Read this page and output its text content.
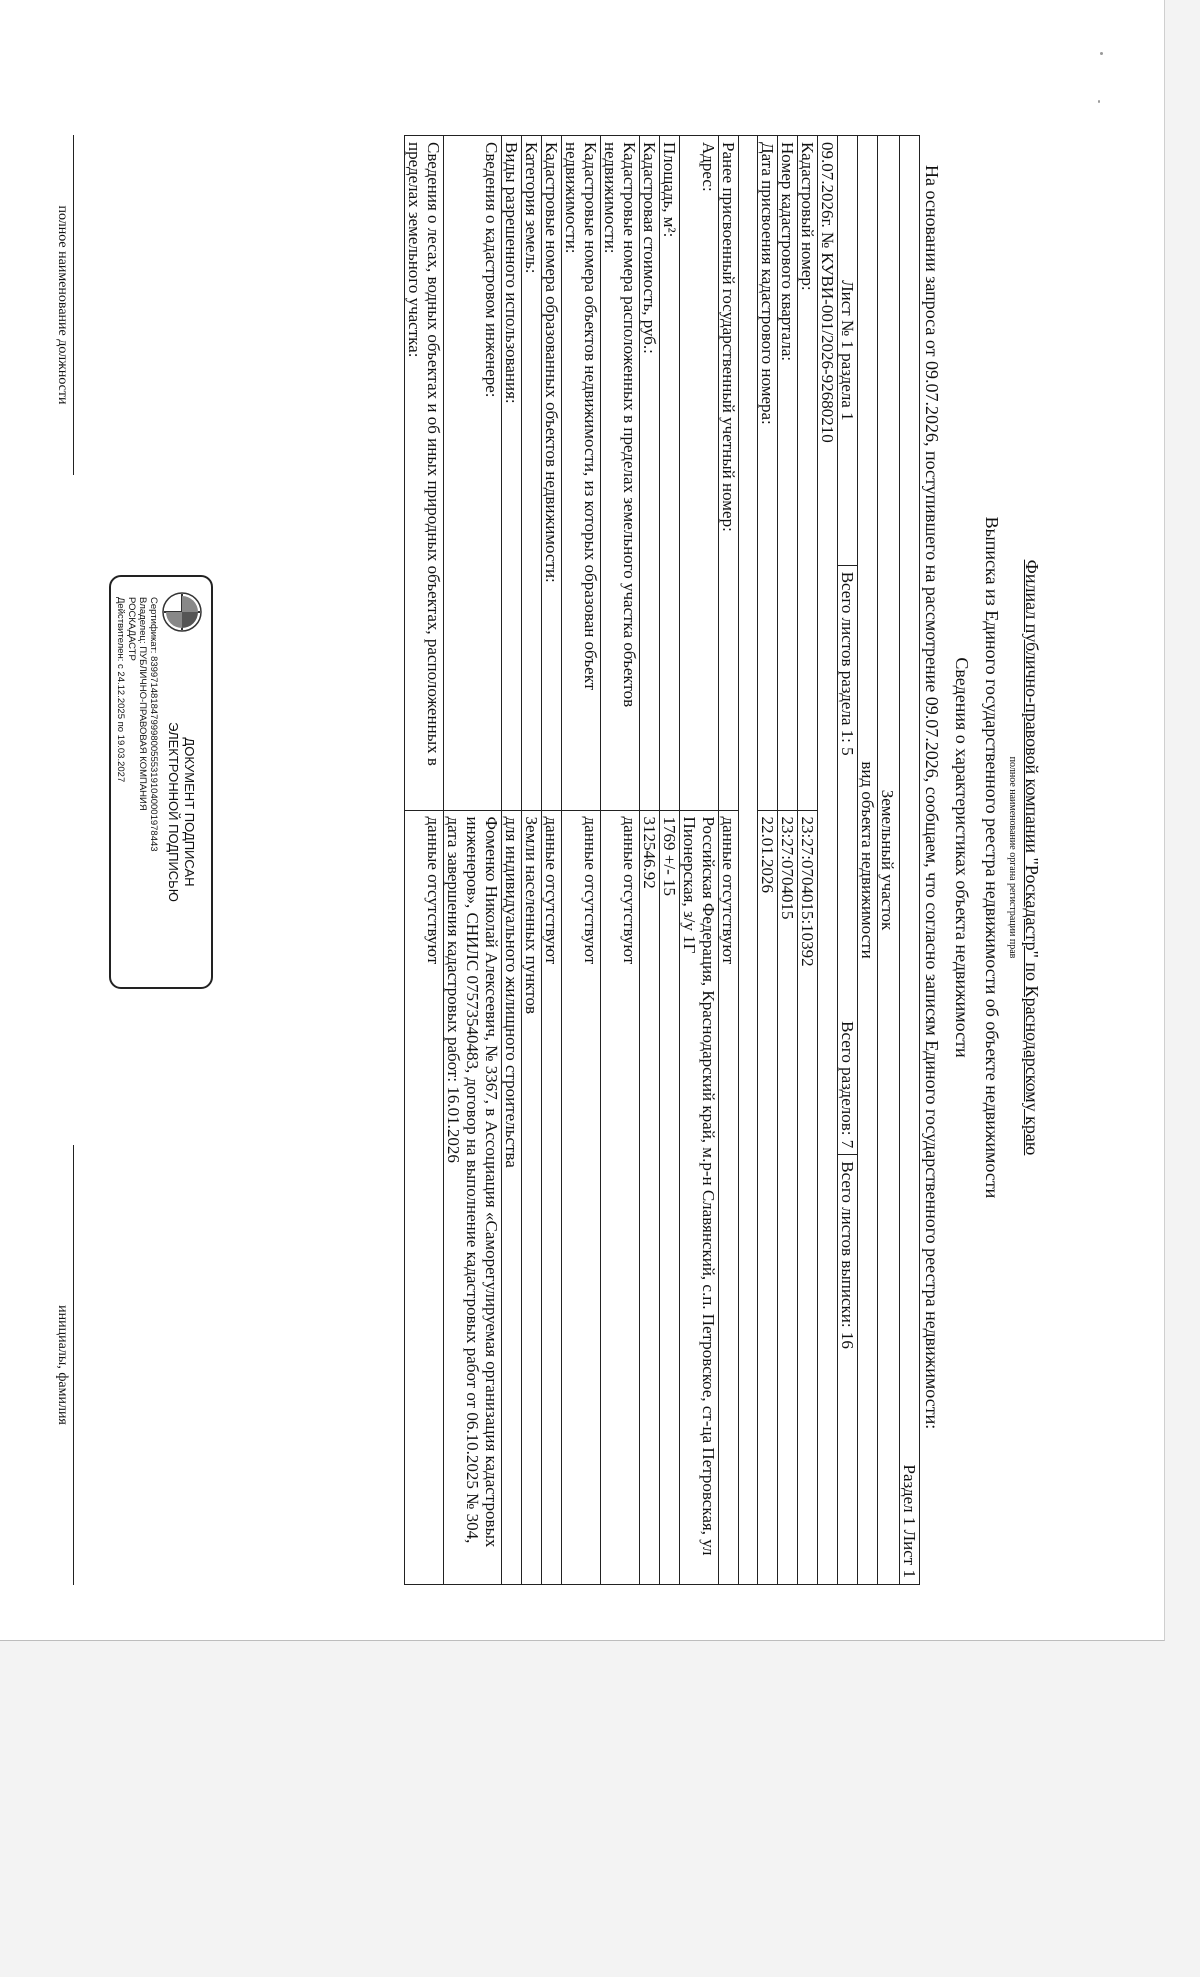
Филиал публично-правовой компании "Роскадастр" по Краснодарскому краю
полное наименование органа регистрации прав
Выписка из Единого государственного реестра недвижимости об объекте недвижимости
Сведения о характеристиках объекта недвижимости
На основании запроса от 09.07.2026, поступившего на рассмотрение 09.07.2026, сообщаем, что согласно записям Единого государственного реестра недвижимости:
Раздел 1 Лист 1			

Земельный участок			

вид объекта недвижимости			
Лист № 1 раздела 1	Всего листов раздела 1: 5
Всего разделов: 7		Всего листов выписки: 16
09.07.2026г. № КУВИ-001/2026-92680210			
Кадастровый номер:		23:27:0704015:10392	
Номер кадастрового квартала:		23:27:0704015	
Дата присвоения кадастрового номера:		22.01.2026	

Ранее присвоенный государственный учетный номер:		данные отсутствуют	
Адрес:		Российская Федерация, Краснодарский край, м.р-н Славянский, с.п. Петровское, ст-ца Петровская, ул Пионерская, з/у 1Г	
Площадь, м²:		1769 +/- 15	
Кадастровая стоимость, руб.:		312546.92	
Кадастровые номера расположенных в пределах земельного участка объектов недвижимости:		данные отсутствуют	
Кадастровые номера объектов недвижимости, из которых образован объект недвижимости:		данные отсутствуют	
Кадастровые номера образованных объектов недвижимости:		данные отсутствуют	
Категория земель:		Земли населенных пунктов	
Виды разрешенного использования:		для индивидуального жилищного строительства	
Сведения о кадастровом инженере:		Фоменко Николай Алексеевич, № 3367, в Ассоциация «Саморегулируемая организация кадастровых инженеров», СНИЛС 07573540483, договор на выполнение кадастровых работ от 06.10.2025 № 304, дата завершения кадастровых работ: 16.01.2026	
Сведения о лесах, водных объектах и об иных природных объектах, расположенных в пределах земельного участка:		данные отсутствуют	
ДОКУМЕНТ ПОДПИСАН
ЭЛЕКТРОННОЙ ПОДПИСЬЮ
Сертификат: 8399714818479998005553191040001978443
Владелец: ПУБЛИЧНО-ПРАВОВАЯ КОМПАНИЯ
РОСКАДАСТР
Действителен: с 24.12.2025 по 19.03.2027
полное наименование должности
инициалы, фамилия
